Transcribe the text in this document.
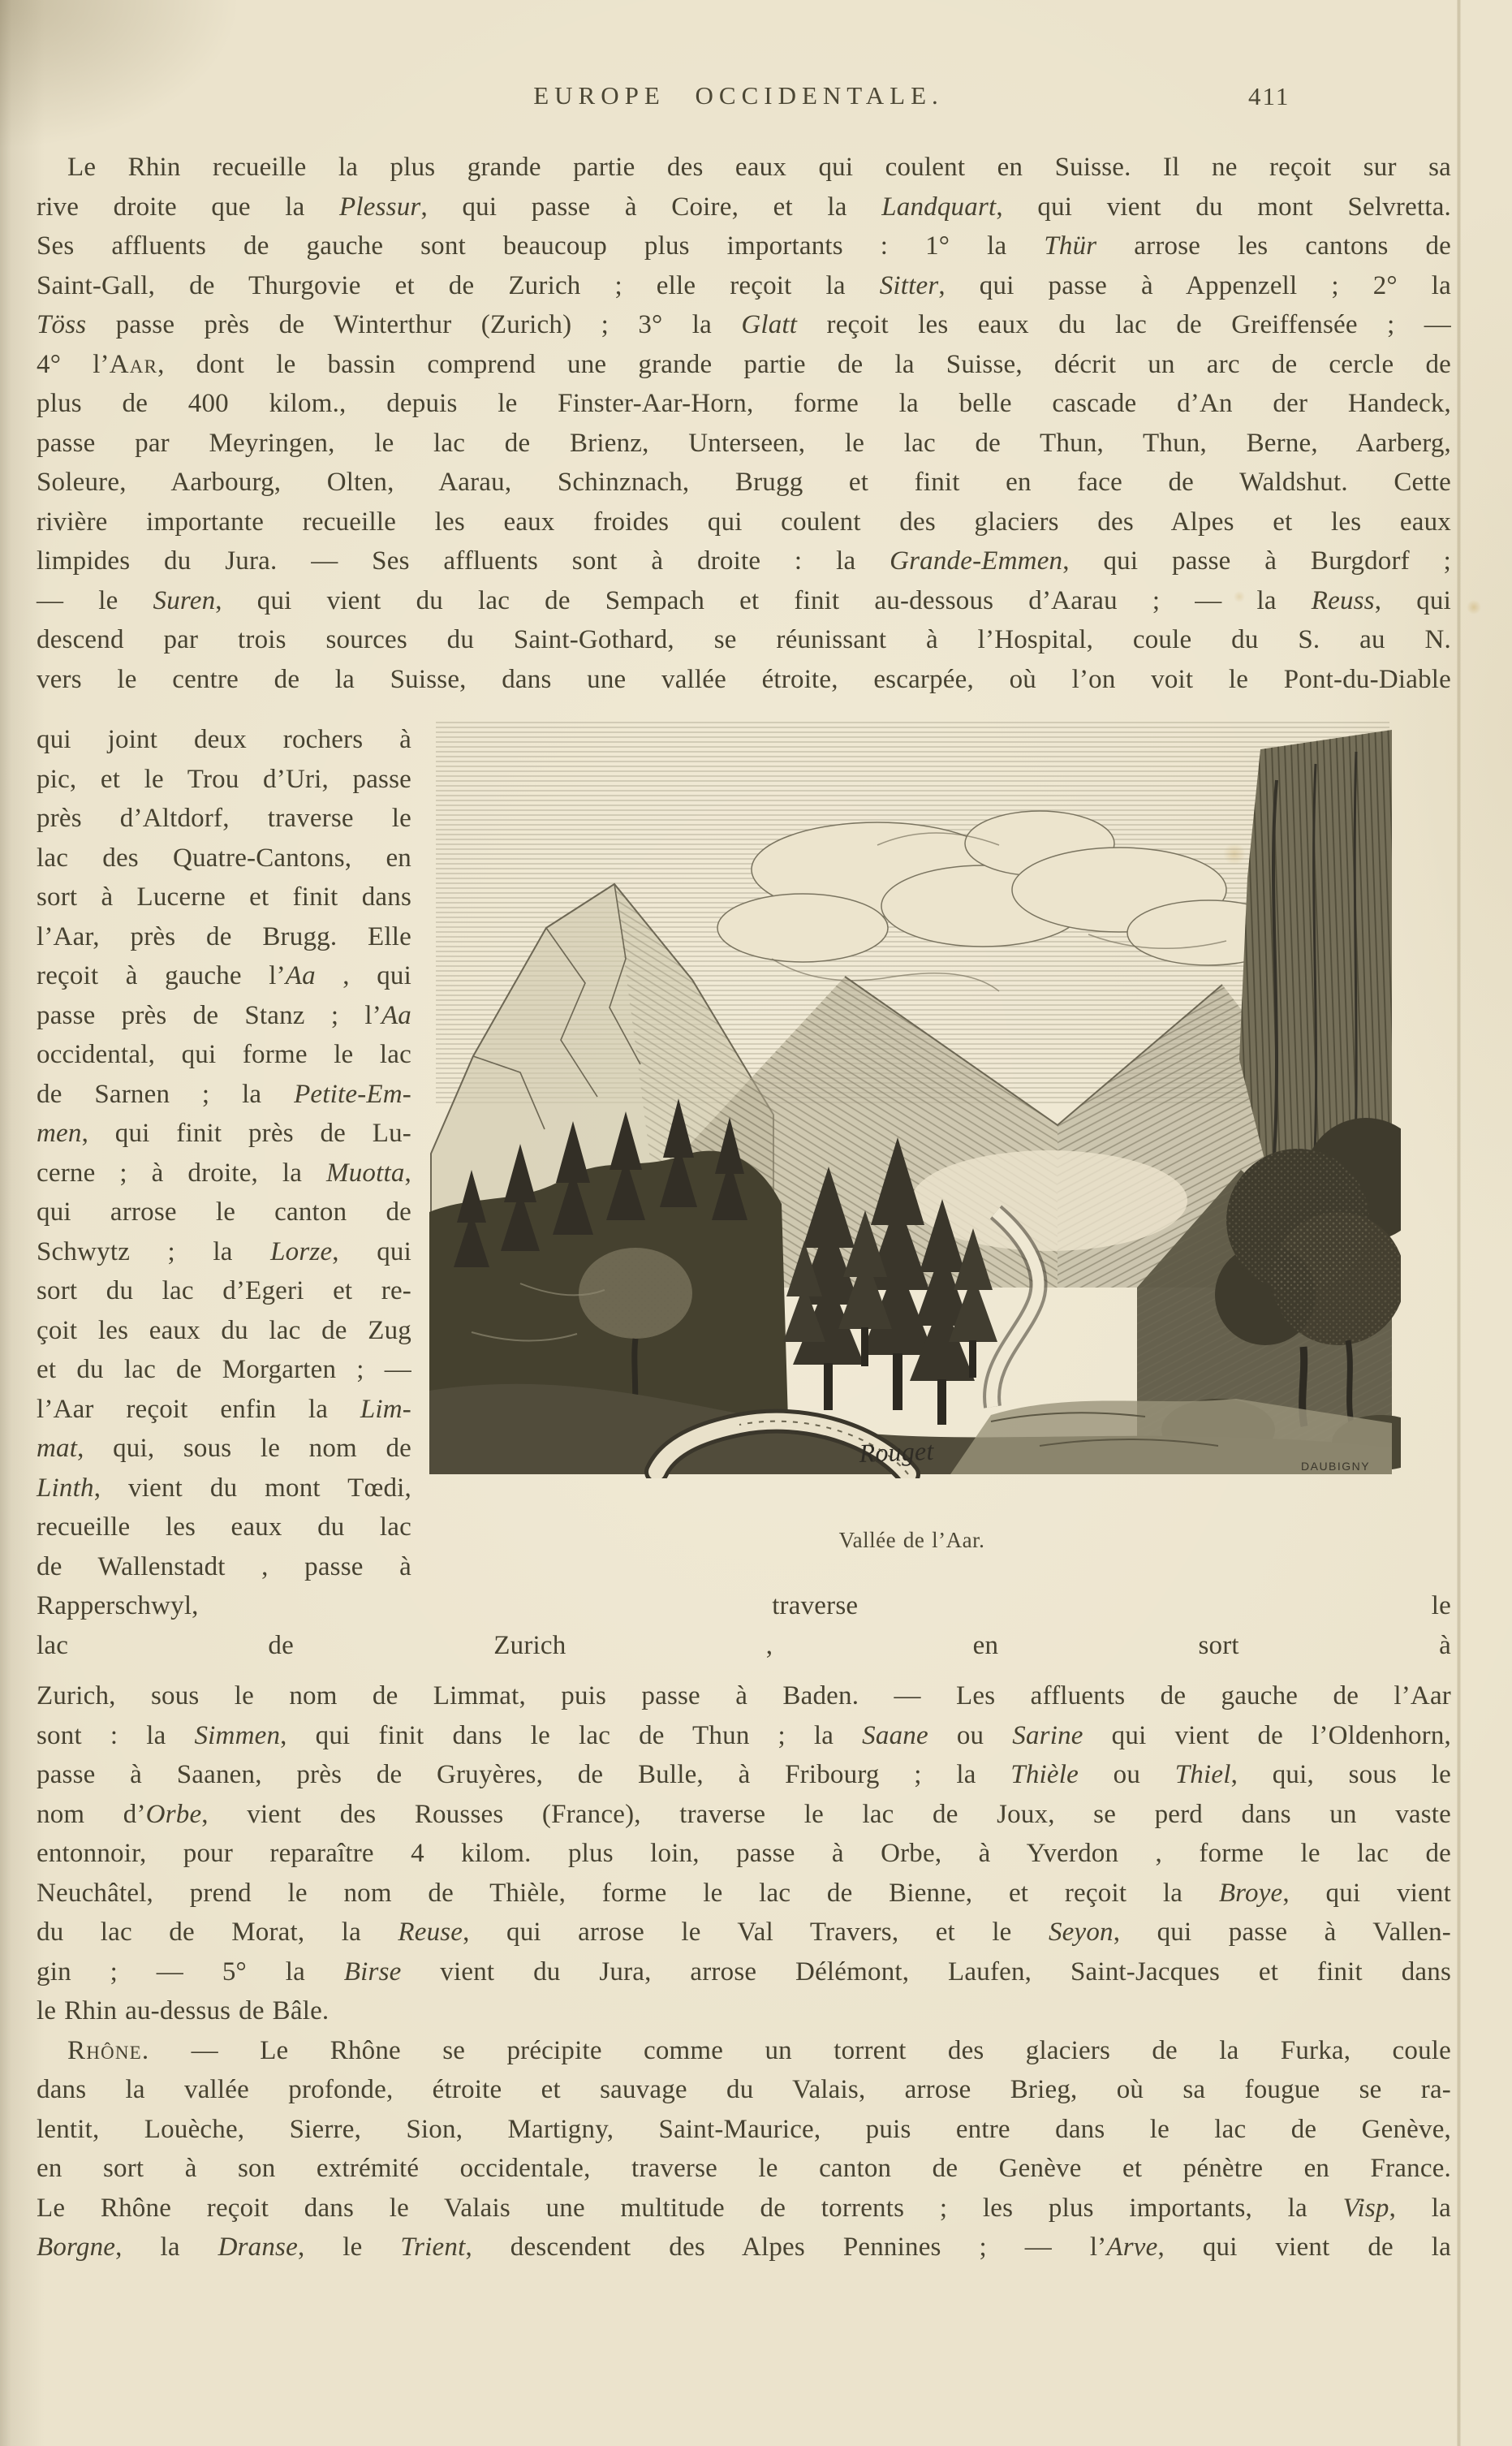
EUROPE OCCIDENTALE.	411
Le Rhin recueille la plus grande partie des eaux qui coulent en Suisse. Il ne reçoit sur sa
rive droite que la Plessur, qui passe à Coire, et la Landquart, qui vient du mont Selvretta.
Ses affluents de gauche sont beaucoup plus importants : 1° la Thür arrose les cantons de
Saint-Gall, de Thurgovie et de Zurich ; elle reçoit la Sitter, qui passe à Appenzell ; 2° la
Töss passe près de Winterthur (Zurich) ; 3° la Glatt reçoit les eaux du lac de Greiffensée ; —
4° l’Aar, dont le bassin comprend une grande partie de la Suisse, décrit un arc de cercle de
plus de 400 kilom., depuis le Finster-Aar-Horn, forme la belle cascade d’An der Handeck,
passe par Meyringen, le lac de Brienz, Unterseen, le lac de Thun, Thun, Berne, Aarberg,
Soleure, Aarbourg, Olten, Aarau, Schinznach, Brugg et finit en face de Waldshut. Cette
rivière importante recueille les eaux froides qui coulent des glaciers des Alpes et les eaux
limpides du Jura. — Ses affluents sont à droite : la Grande-Emmen, qui passe à Burgdorf ;
— le Suren, qui vient du lac de Sempach et finit au-dessous d’Aarau ; — la Reuss, qui
descend par trois sources du Saint-Gothard, se réunissant à l’Hospital, coule du S. au N.
vers le centre de la Suisse, dans une vallée étroite, escarpée, où l’on voit le Pont-du-Diable
Rouget	DAUBIGNY
Vallée de l’Aar.
qui joint deux rochers à
pic, et le Trou d’Uri, passe
près d’Altdorf, traverse le
lac des Quatre-Cantons, en
sort à Lucerne et finit dans
l’Aar, près de Brugg. Elle
reçoit à gauche l’Aa , qui
passe près de Stanz ; l’Aa
occidental, qui forme le lac
de Sarnen ; la Petite-Em-
men, qui finit près de Lu-
cerne ; à droite, la Muotta,
qui arrose le canton de
Schwytz ; la Lorze, qui
sort du lac d’Egeri et re-
çoit les eaux du lac de Zug
et du lac de Morgarten ; —
l’Aar reçoit enfin la Lim-
mat, qui, sous le nom de
Linth, vient du mont Tœdi,
recueille les eaux du lac
de Wallenstadt , passe à
Rapperschwyl, traverse le
lac de Zurich , en sort à
Zurich, sous le nom de Limmat, puis passe à Baden. — Les affluents de gauche de l’Aar
sont : la Simmen, qui finit dans le lac de Thun ; la Saane ou Sarine qui vient de l’Oldenhorn,
passe à Saanen, près de Gruyères, de Bulle, à Fribourg ; la Thièle ou Thiel, qui, sous le
nom d’Orbe, vient des Rousses (France), traverse le lac de Joux, se perd dans un vaste
entonnoir, pour reparaître 4 kilom. plus loin, passe à Orbe, à Yverdon , forme le lac de
Neuchâtel, prend le nom de Thièle, forme le lac de Bienne, et reçoit la Broye, qui vient
du lac de Morat, la Reuse, qui arrose le Val Travers, et le Seyon, qui passe à Vallen-
gin ; — 5° la Birse vient du Jura, arrose Délémont, Laufen, Saint-Jacques et finit dans
le Rhin au-dessus de Bâle.
Rhône. — Le Rhône se précipite comme un torrent des glaciers de la Furka, coule
dans la vallée profonde, étroite et sauvage du Valais, arrose Brieg, où sa fougue se ra-
lentit, Louèche, Sierre, Sion, Martigny, Saint-Maurice, puis entre dans le lac de Genève,
en sort à son extrémité occidentale, traverse le canton de Genève et pénètre en France.
Le Rhône reçoit dans le Valais une multitude de torrents ; les plus importants, la Visp, la
Borgne, la Dranse, le Trient, descendent des Alpes Pennines ; — l’Arve, qui vient de la
